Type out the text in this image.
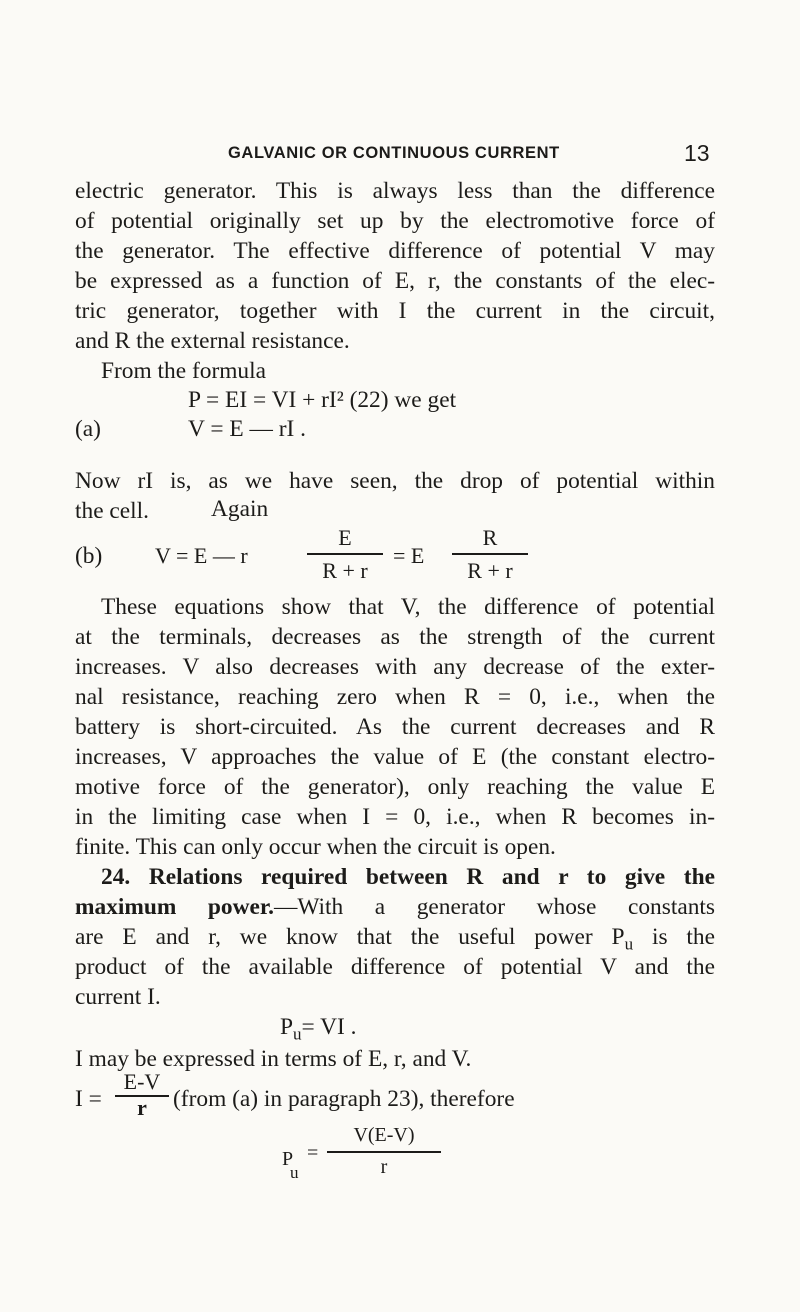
GALVANIC OR CONTINUOUS CURRENT	13
electric generator. This is always less than the difference
of potential originally set up by the electromotive force of
the generator. The effective difference of potential V may
be expressed as a function of E, r, the constants of the elec-
tric generator, together with I the current in the circuit,
and R the external resistance.
From the formula
P = EI = VI + rI² (22) we get
(a)	V = E — rI .
Now rI is, as we have seen, the drop of potential within
the cell.	Again
(b) V = E — r
E
R + r
= E
R
R + r
These equations show that V, the difference of potential
at the terminals, decreases as the strength of the current
increases. V also decreases with any decrease of the exter-
nal resistance, reaching zero when R = 0, i.e., when the
battery is short-circuited. As the current decreases and R
increases, V approaches the value of E (the constant electro-
motive force of the generator), only reaching the value E
in the limiting case when I = 0, i.e., when R becomes in-
finite. This can only occur when the circuit is open.
24. Relations required between R and r to give the
maximum power.—With a generator whose constants
are E and r, we know that the useful power $P_u$ is the
product of the available difference of potential V and the
current I.
$P_u=$ VI .
I may be expressed in terms of E, r, and V.
I =
E-V
r	(from (a) in paragraph 23), therefore
P
u
=
V(E-V)
r
